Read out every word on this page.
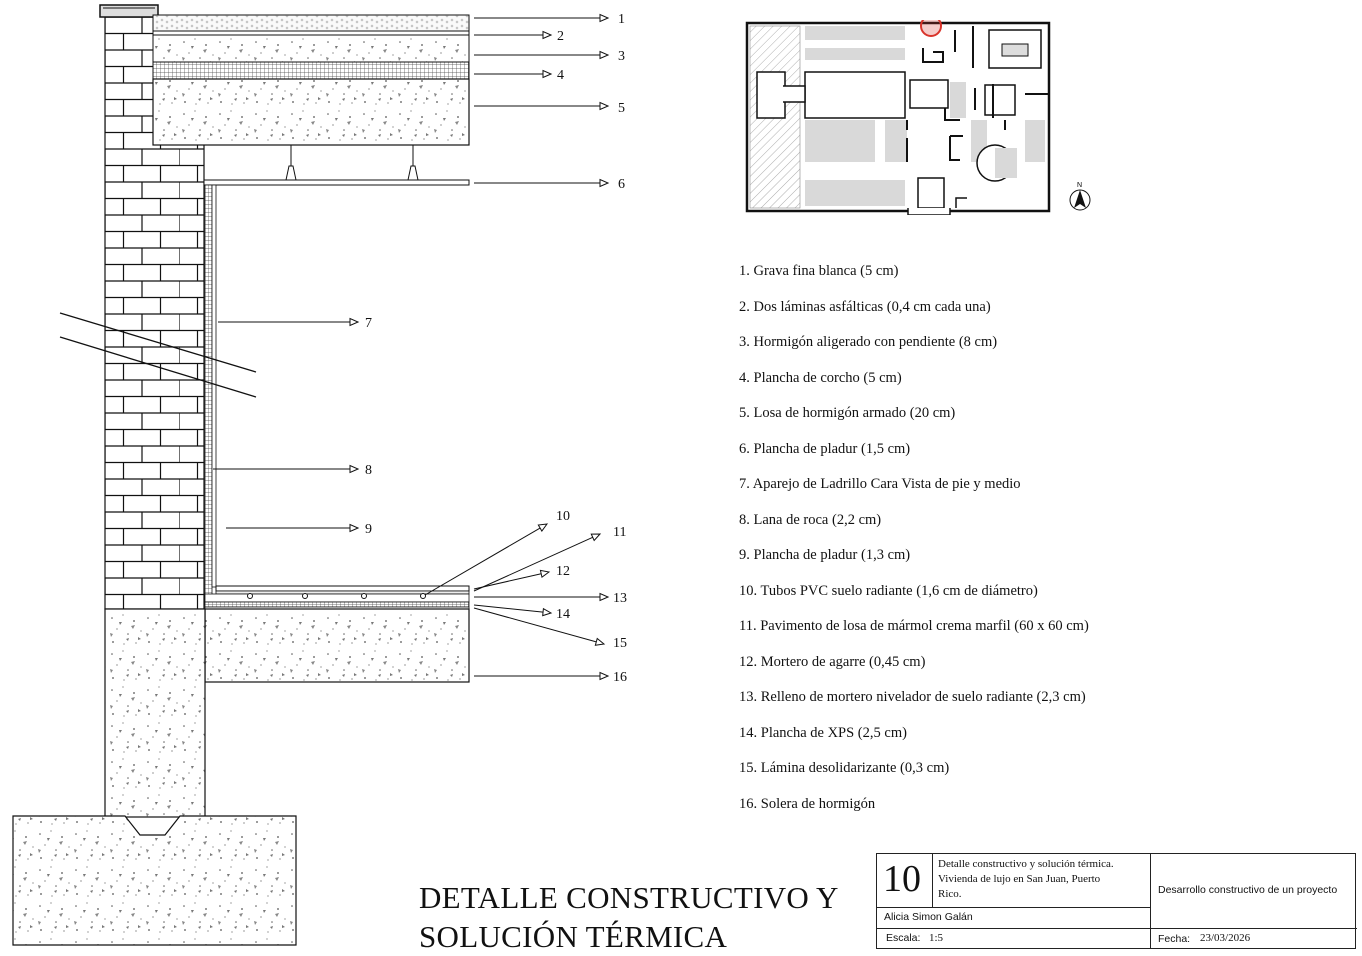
1
2
3
4
5
6
7
8
9
10
11
12
13
14
15
16
N
1. Grava fina blanca (5 cm)
2. Dos láminas asfálticas (0,4 cm cada una)
3. Hormigón aligerado con pendiente (8 cm)
4. Plancha de corcho (5 cm)
5. Losa de hormigón armado (20 cm)
6. Plancha de pladur (1,5 cm)
7. Aparejo de Ladrillo Cara Vista de pie y medio
8. Lana de roca (2,2 cm)
9. Plancha de pladur (1,3 cm)
10. Tubos PVC suelo radiante (1,6 cm de diámetro)
11. Pavimento de losa de mármol crema marfil (60 x 60 cm)
12. Mortero de agarre (0,45 cm)
13. Relleno de mortero nivelador de suelo radiante (2,3 cm)
14. Plancha de XPS (2,5 cm)
15. Lámina desolidarizante (0,3 cm)
16. Solera de hormigón
DETALLE CONSTRUCTIVO Y
SOLUCIÓN TÉRMICA
10 Detalle constructivo y solución térmica.
Vivienda de lujo en San Juan, Puerto
Rico.
Alicia Simon Galán
Escala: 1:5
Desarrollo constructivo de un proyecto
Fecha: 23/03/2026
